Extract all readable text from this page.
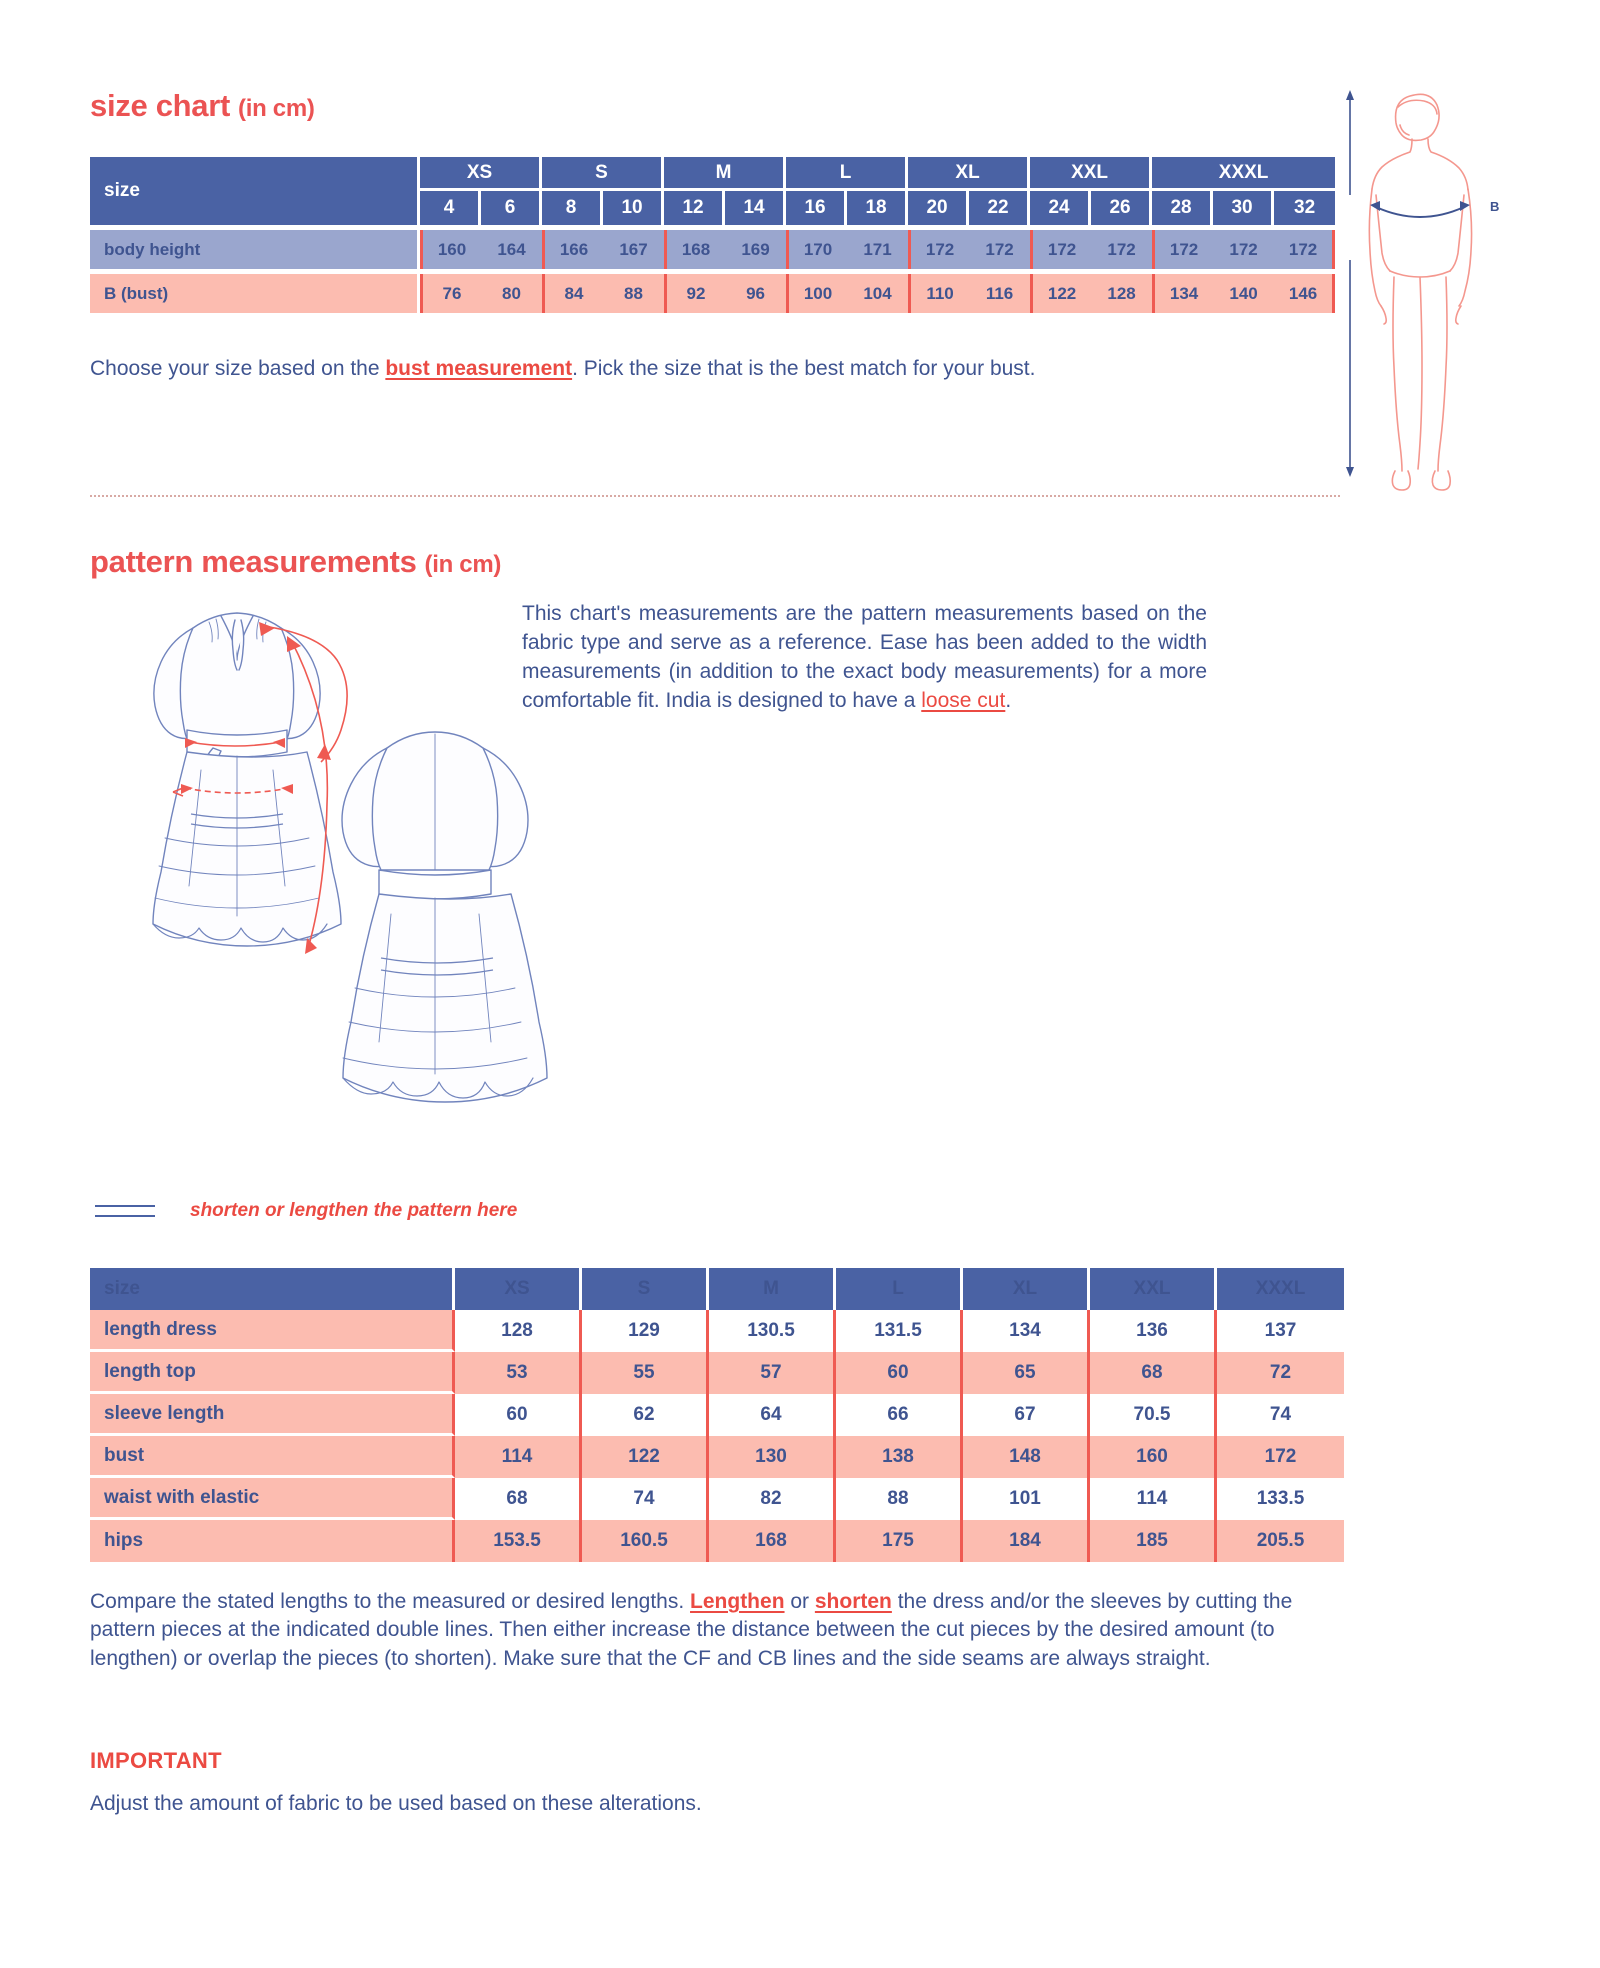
size chart (in cm)
size	XS		S		M		L		XL		XXL		XXXL		
	4	6	8	10	12	14	16	18	20	22	24	26	28	30	32

body height	160	164	166	167	168	169	170	171	172	172	172	172	172	172	172

B (bust)	76	80	84	88	92	96	100	104	110	116	122	128	134	140	146
Choose your size based on the bust measurement. Pick the size that is the best match for your bust.
B
pattern measurements (in cm)
This chart's measurements are the pattern measurements based on the fabric type and serve as a reference. Ease has been added to the width measurements (in addition to the exact body measurements) for a more comfortable fit. India is designed to have a loose cut.
shorten or lengthen the pattern here
size	XS	S	M	L	XL	XXL	XXXL
length dress	128	129	130.5	131.5	134	136	137
length top	53	55	57	60	65	68	72
sleeve length	60	62	64	66	67	70.5	74
bust	114	122	130	138	148	160	172
waist with elastic	68	74	82	88	101	114	133.5
hips	153.5	160.5	168	175	184	185	205.5
Compare the stated lengths to the measured or desired lengths. Lengthen or shorten the dress and/or the sleeves by cutting the pattern pieces at the indicated double lines. Then either increase the distance between the cut pieces by the desired amount (to lengthen) or overlap the pieces (to shorten). Make sure that the CF and CB lines and the side seams are always straight.
IMPORTANT
Adjust the amount of fabric to be used based on these alterations.
